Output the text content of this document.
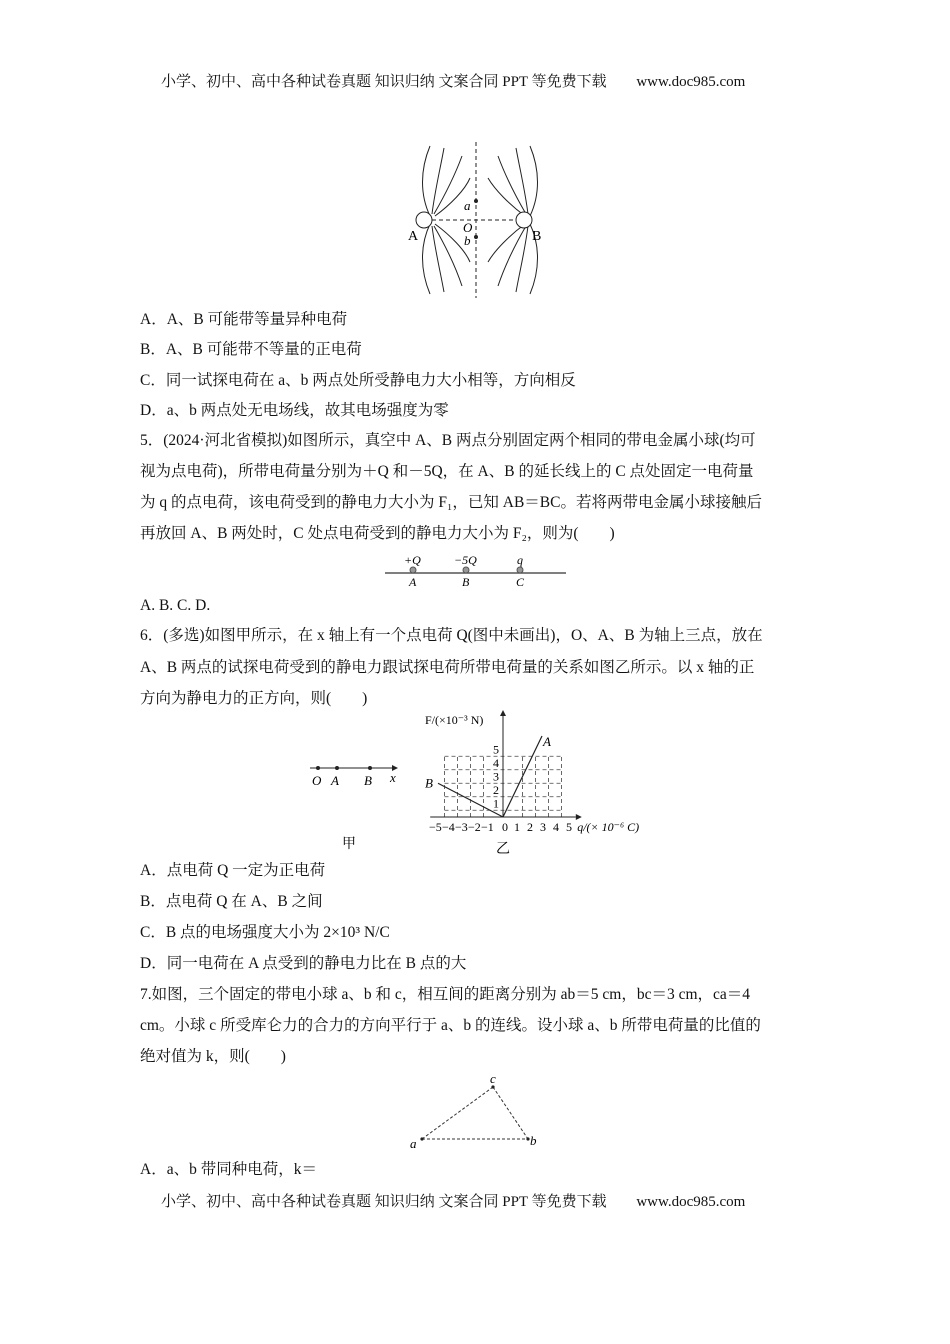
小学、初中、高中各种试卷真题 知识归纳 文案合同 PPT 等免费下载 www.doc985.com
A	B
a
O
b
A．A、B 可能带等量异种电荷
B．A、B 可能带不等量的正电荷
C．同一试探电荷在 a、b 两点处所受静电力大小相等，方向相反
D．a、b 两点处无电场线，故其电场强度为零
5．(2024·河北省模拟)如图所示，真空中 A、B 两点分别固定两个相同的带电金属小球(均可
视为点电荷)，所带电荷量分别为＋Q 和－5Q，在 A、B 的延长线上的 C 点处固定一电荷量
为 q 的点电荷，该电荷受到的静电力大小为 F₁，已知 AB＝BC。若将两带电金属小球接触后
再放回 A、B 两处时，C 处点电荷受到的静电力大小为 F₂，则为(　　)
+Q	−5Q	q
A	B	C
A. B. C. D.
6．(多选)如图甲所示，在 x 轴上有一个点电荷 Q(图中未画出)，O、A、B 为轴上三点，放在
A、B 两点的试探电荷受到的静电力跟试探电荷所带电荷量的关系如图乙所示。以 x 轴的正
方向为静电力的正方向，则(　　)
O A B x
甲
−5 −4 −3 −2 −1 0 1 2 3 4 5
1
2
3
4
5
q/(× 10⁻⁶ C)
F/(×10⁻³ N)
A
B
乙
A．点电荷 Q 一定为正电荷
B．点电荷 Q 在 A、B 之间
C．B 点的电场强度大小为 2×10³ N/C
D．同一电荷在 A 点受到的静电力比在 B 点的大
7.如图，三个固定的带电小球 a、b 和 c，相互间的距离分别为 ab＝5 cm，bc＝3 cm，ca＝4
cm。小球 c 所受库仑力的合力的方向平行于 a、b 的连线。设小球 a、b 所带电荷量的比值的
绝对值为 k，则(　　)
a	b
c
A．a、b 带同种电荷，k＝
小学、初中、高中各种试卷真题 知识归纳 文案合同 PPT 等免费下载 www.doc985.com
